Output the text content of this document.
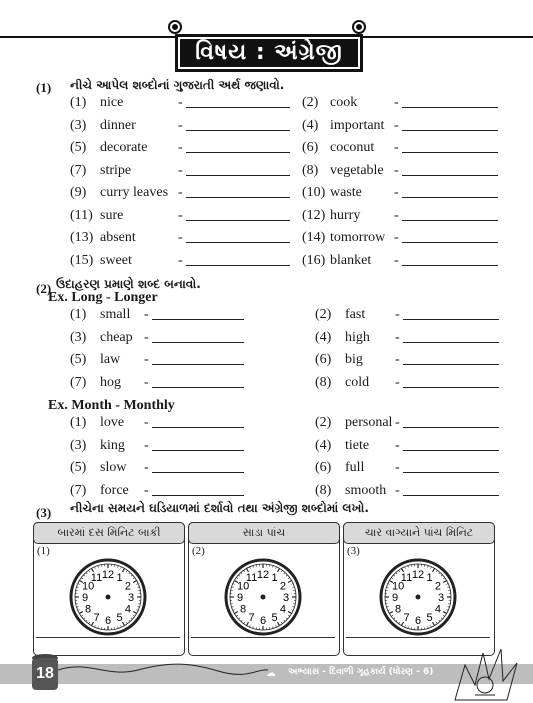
વિષય : અંગ્રેજી
(1) નીચે આપેલ શબ્દોનાં ગુજરાતી અર્થ જણાવો.
(1) nice	-	(2) cook	-
(3) dinner	-	(4) important -
(5) decorate -	(6) coconut -
(7) stripe	-	(8) vegetable -
(9) curry leaves -	(10) waste -
(11) sure	-	(12) hurry -
(13) absent	-	(14) tomorrow -
(15) sweet	-	(16) blanket -
(2) ઉદાહરણ પ્રમાણે શબ્દ બનાવો.
Ex. Long - Longer
(1) small -	(2) fast -
(3) cheap -	(4) high -
(5) law -	(6) big -
(7) hog -	(8) cold -
Ex. Month - Monthly
(1) love -	(2) personal -
(3) king -	(4) tiete -
(5) slow -	(6) full -
(7) force -	(8) smooth -
(3) નીચેના સમયને ઘડિયાળમાં દર્શાવો તથા અંગ્રેજી શબ્દોમાં લખો.
બારમાં દસ મિનિટ બાકી
(1)
1
2
3
4
5
6
7
8
9
10
11 12
સાડા પાંચ
(2)
1
2
3
4
5
6
7
8
9
10
11 12
ચાર વાગ્યાને પાંચ મિનિટ
(3)
1
2
3
4
5
6
7
8
9
10
11 12
18	☁ અભ્યાસ - દિવાળી ગૃહકાર્ય (ધોરણ - 6)
